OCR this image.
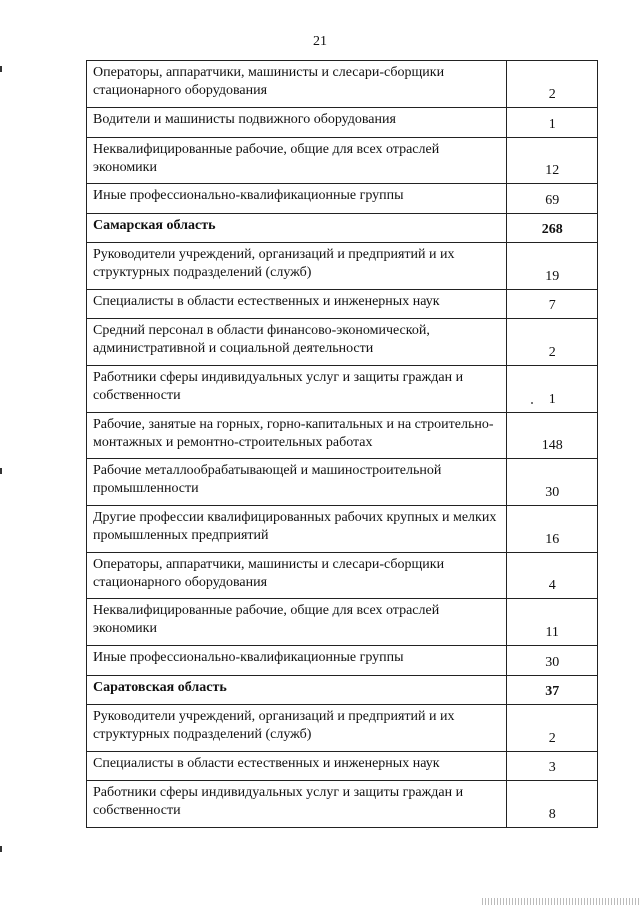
21
Операторы, аппаратчики, машинисты и слесари-сборщики стационарного оборудования	2
Водители и машинисты подвижного оборудования	1
Неквалифицированные рабочие, общие для всех отраслей экономики	12
Иные профессионально-квалификационные группы	69
Самарская область	268
Руководители учреждений, организаций и предприятий и их структурных подразделений (служб)	19
Специалисты в области естественных и инженерных наук	7
Средний персонал в области финансово-экономической, административной и социальной деятельности	2
Работники сферы индивидуальных услуг и защиты граждан и собственности	1
Рабочие, занятые на горных, горно-капитальных и на строительно-монтажных и ремонтно-строительных работах	148
Рабочие металлообрабатывающей и машиностроительной промышленности	30
Другие профессии квалифицированных рабочих крупных и мелких промышленных предприятий	16
Операторы, аппаратчики, машинисты и слесари-сборщики стационарного оборудования	4
Неквалифицированные рабочие, общие для всех отраслей экономики	11
Иные профессионально-квалификационные группы	30
Саратовская область	37
Руководители учреждений, организаций и предприятий и их структурных подразделений (служб)	2
Специалисты в области естественных и инженерных наук	3
Работники сферы индивидуальных услуг и защиты граждан и собственности	8
